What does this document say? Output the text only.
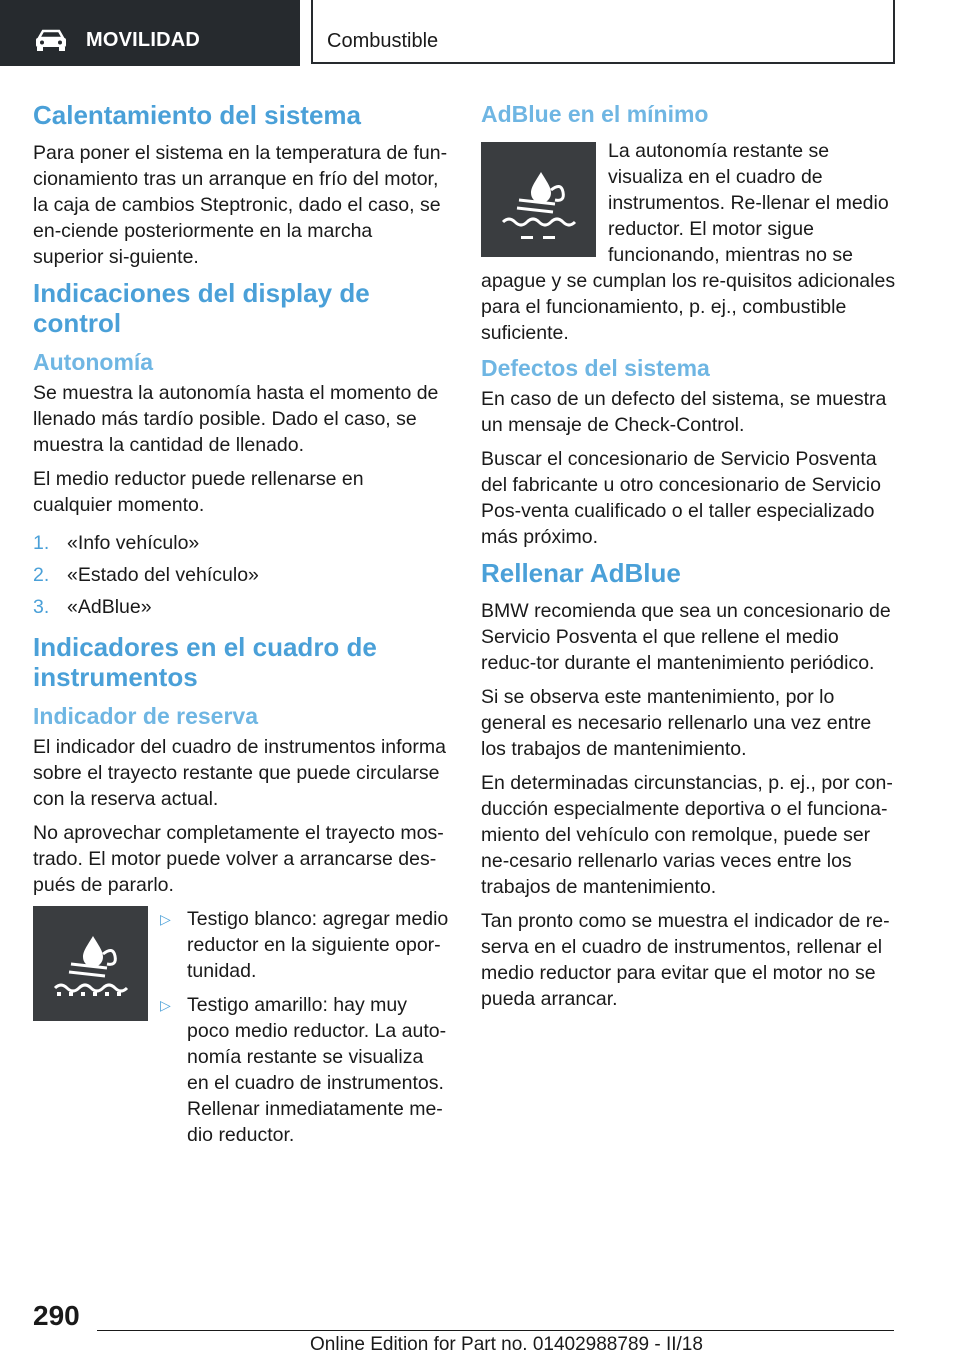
MOVILIDAD	Combustible
Calentamiento del sistema

Para poner el sistema en la temperatura de fun-cionamiento tras un arranque en frío del motor, la caja de cambios Steptronic, dado el caso, se en-ciende posteriormente en la marcha superior si-guiente.

Indicaciones del display de control
Autonomía

Se muestra la autonomía hasta el momento de llenado más tardío posible. Dado el caso, se muestra la cantidad de llenado.

El medio reductor puede rellenarse en cualquier momento.

1. «Info vehículo»
2. «Estado del vehículo»
3. «AdBlue»
Indicadores en el cuadro de instrumentos
Indicador de reserva

El indicador del cuadro de instrumentos informa sobre el trayecto restante que puede circularse con la reserva actual.

No aprovechar completamente el trayecto mos-trado. El motor puede volver a arrancarse des-pués de pararlo.

▷ Testigo blanco: agregar medio reductor en la siguiente opor-tunidad.
▷ Testigo amarillo: hay muy poco medio reductor. La auto-nomía restante se visualiza en el cuadro de instrumentos. Rellenar inmediatamente me-dio reductor.
AdBlue en el mínimo

La autonomía restante se visualiza en el cuadro de instrumentos. Re-llenar el medio reductor. El motor sigue funcionando, mientras no se apague y se cumplan los re-quisitos adicionales para el funcionamiento, p. ej., combustible suficiente.

Defectos del sistema

En caso de un defecto del sistema, se muestra un mensaje de Check-Control.

Buscar el concesionario de Servicio Posventa del fabricante u otro concesionario de Servicio Pos-venta cualificado o el taller especializado más próximo.

Rellenar AdBlue

BMW recomienda que sea un concesionario de Servicio Posventa el que rellene el medio reduc-tor durante el mantenimiento periódico.

Si se observa este mantenimiento, por lo general es necesario rellenarlo una vez entre los trabajos de mantenimiento.

En determinadas circunstancias, p. ej., por con-ducción especialmente deportiva o el funciona-miento del vehículo con remolque, puede ser ne-cesario rellenarlo varias veces entre los trabajos de mantenimiento.

Tan pronto como se muestra el indicador de re-serva en el cuadro de instrumentos, rellenar el medio reductor para evitar que el motor no se pueda arrancar.

290
Online Edition for Part no. 01402988789 - II/18
